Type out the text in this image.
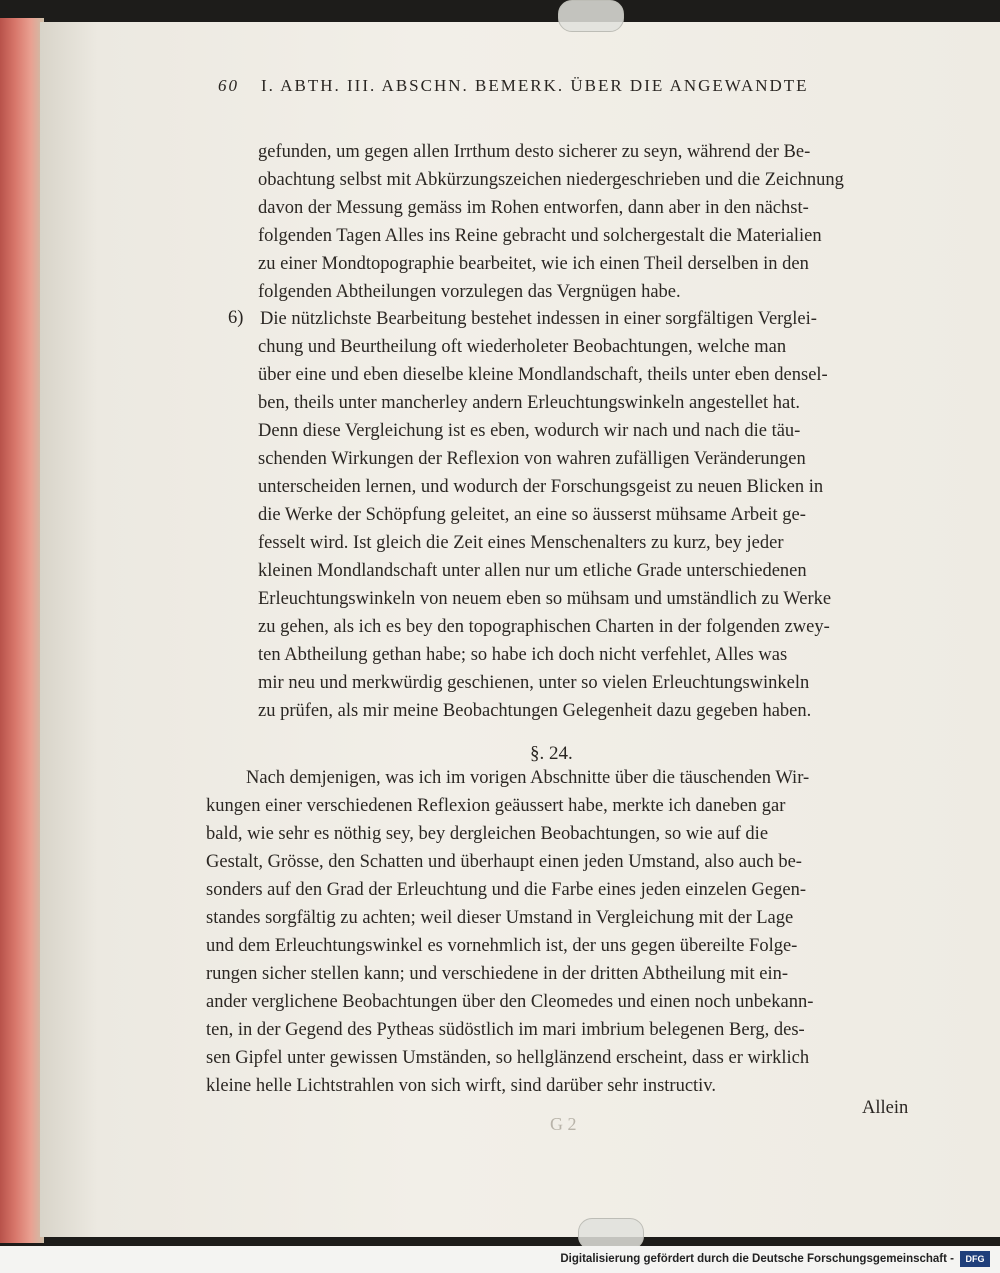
60 I. ABTH. III. ABSCHN. BEMERK. ÜBER DIE ANGEWANDTE
6)
gefunden, um gegen allen Irrthum desto sicherer zu seyn, während der Be-
obachtung selbst mit Abkürzungszeichen niedergeschrieben und die Zeichnung
davon der Messung gemäss im Rohen entworfen, dann aber in den nächst-
folgenden Tagen Alles ins Reine gebracht und solchergestalt die Materialien
zu einer Mondtopographie bearbeitet, wie ich einen Theil derselben in den
folgenden Abtheilungen vorzulegen das Vergnügen habe.
Die nützlichste Bearbeitung bestehet indessen in einer sorgfältigen Verglei-
chung und Beurtheilung oft wiederholeter Beobachtungen, welche man
über eine und eben dieselbe kleine Mondlandschaft, theils unter eben densel-
ben, theils unter mancherley andern Erleuchtungswinkeln angestellet hat.
Denn diese Vergleichung ist es eben, wodurch wir nach und nach die täu-
schenden Wirkungen der Reflexion von wahren zufälligen Veränderungen
unterscheiden lernen, und wodurch der Forschungsgeist zu neuen Blicken in
die Werke der Schöpfung geleitet, an eine so äusserst mühsame Arbeit ge-
fesselt wird. Ist gleich die Zeit eines Menschenalters zu kurz, bey jeder
kleinen Mondlandschaft unter allen nur um etliche Grade unterschiedenen
Erleuchtungswinkeln von neuem eben so mühsam und umständlich zu Werke
zu gehen, als ich es bey den topographischen Charten in der folgenden zwey-
ten Abtheilung gethan habe; so habe ich doch nicht verfehlet, Alles was
mir neu und merkwürdig geschienen, unter so vielen Erleuchtungswinkeln
zu prüfen, als mir meine Beobachtungen Gelegenheit dazu gegeben haben.
§. 24.
Nach demjenigen, was ich im vorigen Abschnitte über die täuschenden Wir-
kungen einer verschiedenen Reflexion geäussert habe, merkte ich daneben gar
bald, wie sehr es nöthig sey, bey dergleichen Beobachtungen, so wie auf die
Gestalt, Grösse, den Schatten und überhaupt einen jeden Umstand, also auch be-
sonders auf den Grad der Erleuchtung und die Farbe eines jeden einzelen Gegen-
standes sorgfältig zu achten; weil dieser Umstand in Vergleichung mit der Lage
und dem Erleuchtungswinkel es vornehmlich ist, der uns gegen übereilte Folge-
rungen sicher stellen kann; und verschiedene in der dritten Abtheilung mit ein-
ander verglichene Beobachtungen über den Cleomedes und einen noch unbekann-
ten, in der Gegend des Pytheas südöstlich im mari imbrium belegenen Berg, des-
sen Gipfel unter gewissen Umständen, so hellglänzend erscheint, dass er wirklich
kleine helle Lichtstrahlen von sich wirft, sind darüber sehr instructiv.
Allein
G 2
Digitalisierung gefördert durch die Deutsche Forschungsgemeinschaft -	DFG
